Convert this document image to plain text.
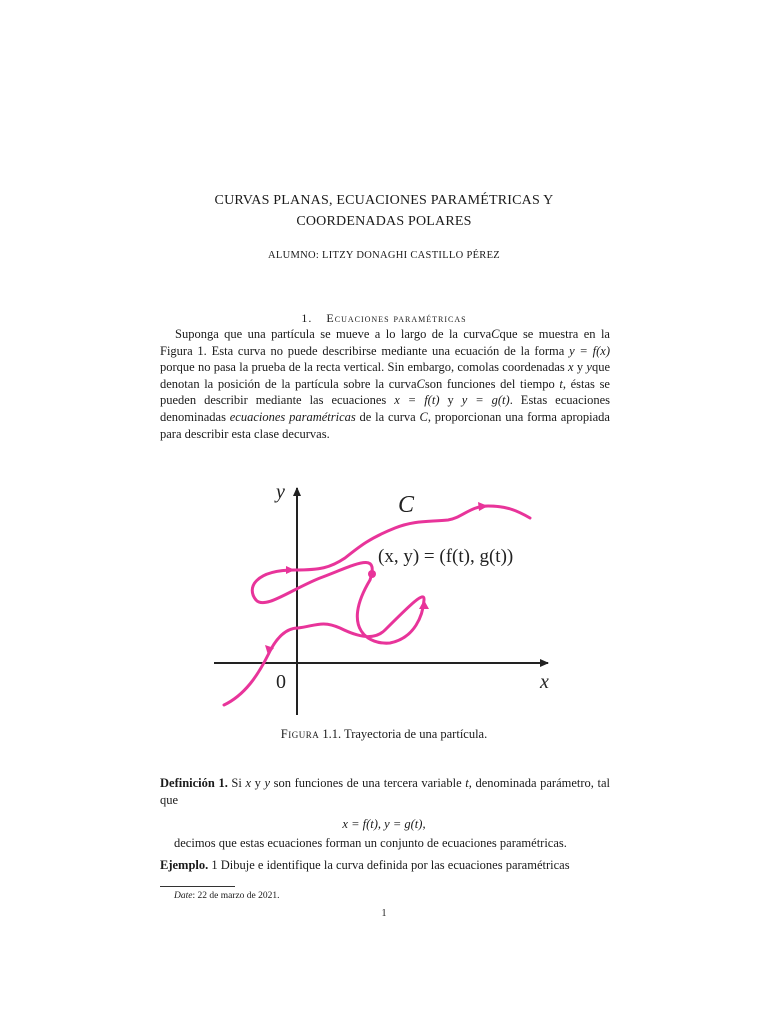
CURVAS PLANAS, ECUACIONES PARAMÉTRICAS Y
COORDENADAS POLARES
ALUMNO: LITZY DONAGHI CASTILLO PÉREZ
1. Ecuaciones paramétricas

Suponga que una partícula se mueve a lo largo de la curvaCque se muestra en la Figura 1. Esta curva no puede describirse mediante una ecuación de la forma y = f(x) porque no pasa la prueba de la recta vertical. Sin embargo, comolas coordenadas x y yque denotan la posición de la partícula sobre la curvaCson funciones del tiempo t, éstas se pueden describir mediante las ecuaciones x = f(t) y y = g(t). Estas ecuaciones denominadas ecuaciones paramétricas de la curva C, proporcionan una forma apropiada para describir esta clase decurvas.

y
x
0
C
(x, y) = (f(t), g(t))
Figura 1.1. Trayectoria de una partícula.
Definición 1. Si x y y son funciones de una tercera variable t, denominada parámetro, tal que
x = f(t), y = g(t),
decimos que estas ecuaciones forman un conjunto de ecuaciones paramétricas.
Ejemplo. 1 Dibuje e identifique la curva definida por las ecuaciones paramétricas
Date: 22 de marzo de 2021.
1
